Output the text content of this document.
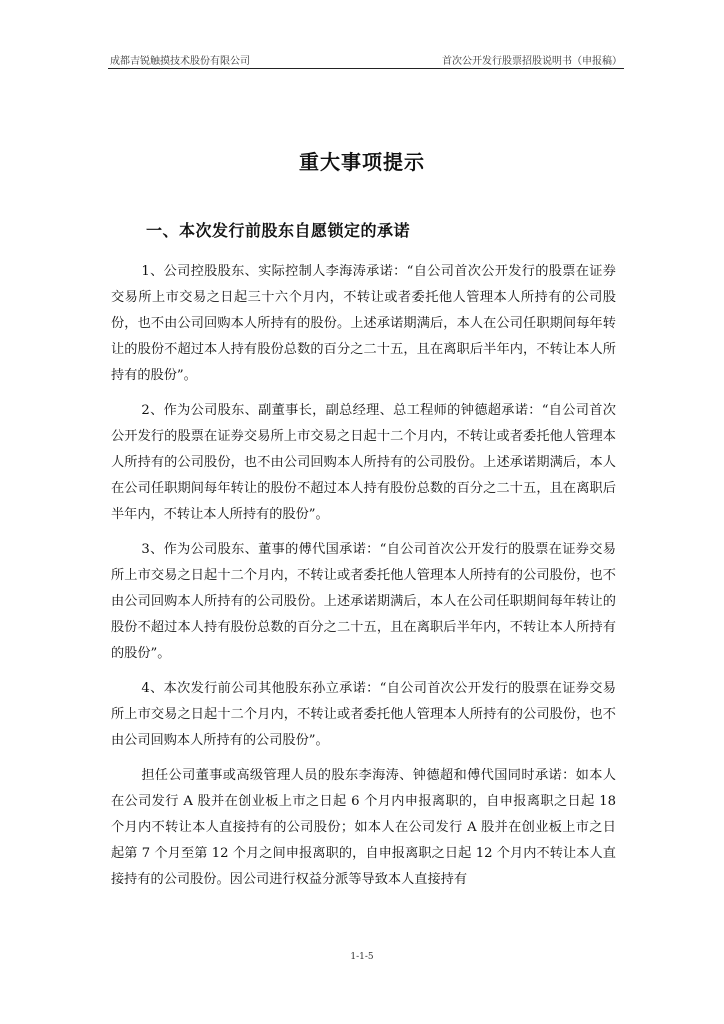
成都吉锐触摸技术股份有限公司	首次公开发行股票招股说明书（申报稿）
重大事项提示
一、本次发行前股东自愿锁定的承诺

1、公司控股股东、实际控制人李海涛承诺：“自公司首次公开发行的股票在证券交易所上市交易之日起三十六个月内，不转让或者委托他人管理本人所持有的公司股份，也不由公司回购本人所持有的股份。上述承诺期满后，本人在公司任职期间每年转让的股份不超过本人持有股份总数的百分之二十五，且在离职后半年内，不转让本人所持有的股份”。

2、作为公司股东、副董事长，副总经理、总工程师的钟德超承诺：“自公司首次公开发行的股票在证券交易所上市交易之日起十二个月内，不转让或者委托他人管理本人所持有的公司股份，也不由公司回购本人所持有的公司股份。上述承诺期满后，本人在公司任职期间每年转让的股份不超过本人持有股份总数的百分之二十五，且在离职后半年内，不转让本人所持有的股份”。

3、作为公司股东、董事的傅代国承诺：“自公司首次公开发行的股票在证券交易所上市交易之日起十二个月内，不转让或者委托他人管理本人所持有的公司股份，也不由公司回购本人所持有的公司股份。上述承诺期满后，本人在公司任职期间每年转让的股份不超过本人持有股份总数的百分之二十五，且在离职后半年内，不转让本人所持有的股份”。

4、本次发行前公司其他股东孙立承诺：“自公司首次公开发行的股票在证券交易所上市交易之日起十二个月内，不转让或者委托他人管理本人所持有的公司股份，也不由公司回购本人所持有的公司股份”。

担任公司董事或高级管理人员的股东李海涛、钟德超和傅代国同时承诺：如本人在公司发行 A 股并在创业板上市之日起 6 个月内申报离职的，自申报离职之日起 18 个月内不转让本人直接持有的公司股份；如本人在公司发行 A 股并在创业板上市之日起第 7 个月至第 12 个月之间申报离职的，自申报离职之日起 12 个月内不转让本人直接持有的公司股份。因公司进行权益分派等导致本人直接持有

1-1-5
